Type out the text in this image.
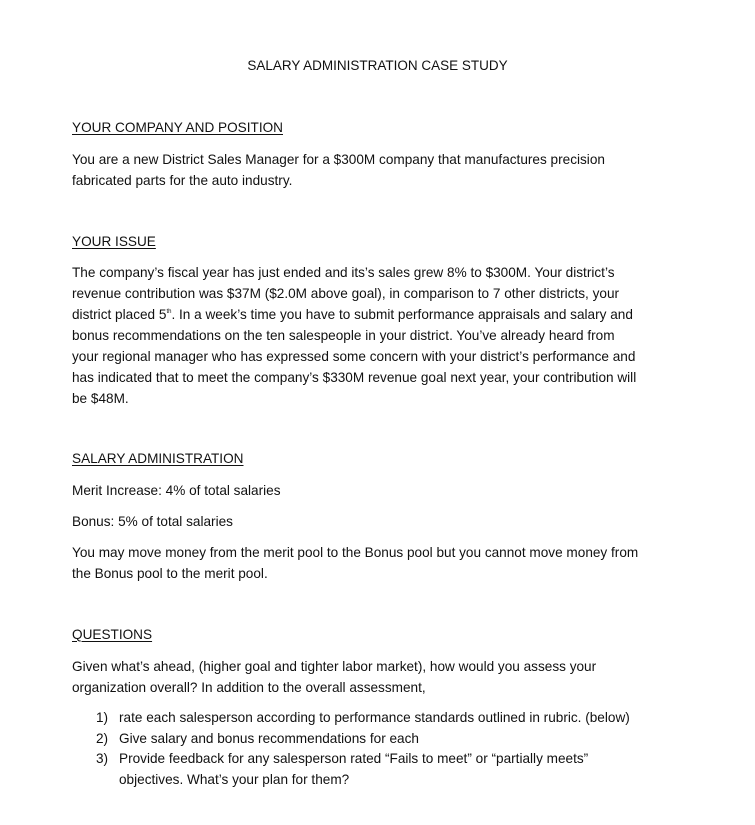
SALARY ADMINISTRATION CASE STUDY
YOUR COMPANY AND POSITION
You are a new District Sales Manager for a $300M company that manufactures precision
fabricated parts for the auto industry.
YOUR ISSUE
The company’s fiscal year has just ended and its’s sales grew 8% to $300M. Your district’s
revenue contribution was $37M ($2.0M above goal), in comparison to 7 other districts, your
district placed 5th. In a week’s time you have to submit performance appraisals and salary and
bonus recommendations on the ten salespeople in your district. You’ve already heard from
your regional manager who has expressed some concern with your district’s performance and
has indicated that to meet the company’s $330M revenue goal next year, your contribution will
be $48M.
SALARY ADMINISTRATION
Merit Increase: 4% of total salaries
Bonus: 5% of total salaries
You may move money from the merit pool to the Bonus pool but you cannot move money from
the Bonus pool to the merit pool.
QUESTIONS
Given what’s ahead, (higher goal and tighter labor market), how would you assess your
organization overall? In addition to the overall assessment,
1) rate each salesperson according to performance standards outlined in rubric. (below)
2) Give salary and bonus recommendations for each
3) Provide feedback for any salesperson rated “Fails to meet” or “partially meets”
objectives. What’s your plan for them?
